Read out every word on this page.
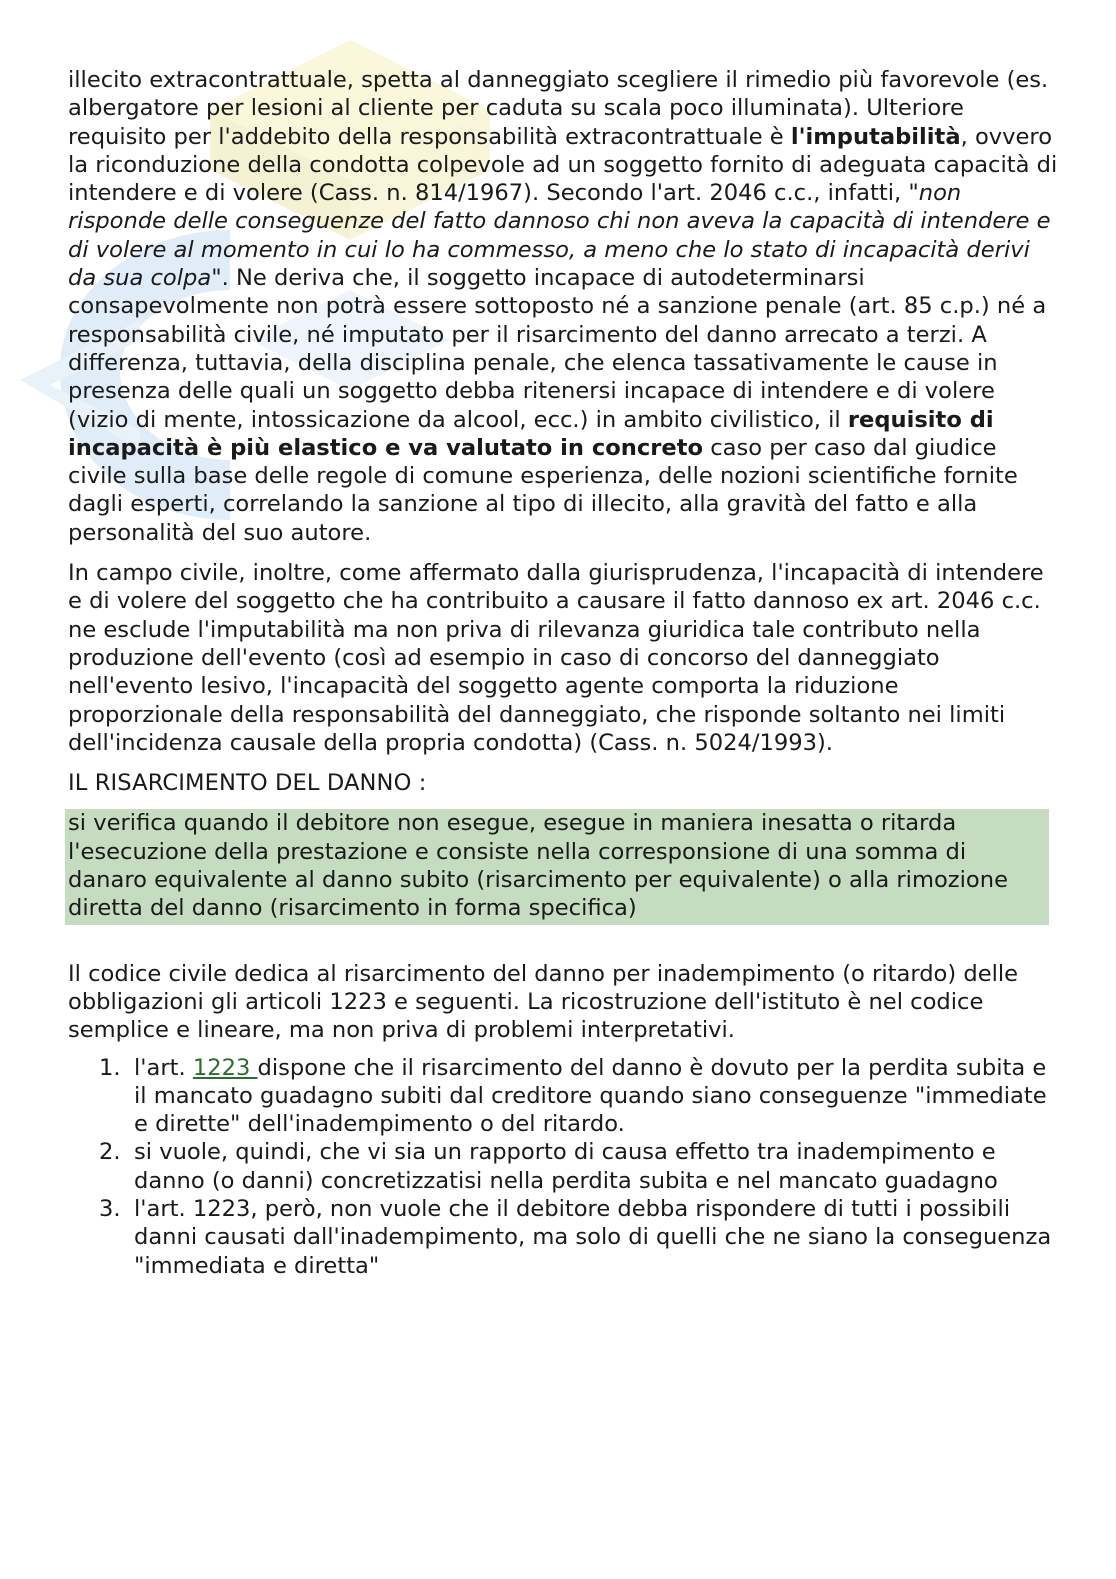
illecito extracontrattuale, spetta al danneggiato scegliere il rimedio più favorevole (es. albergatore per lesioni al cliente per caduta su scala poco illuminata). Ulteriore requisito per l'addebito della responsabilità extracontrattuale è l'imputabilità, ovvero la riconduzione della condotta colpevole ad un soggetto fornito di adeguata capacità di intendere e di volere (Cass. n. 814/1967). Secondo l'art. 2046 c.c., infatti, "non risponde delle conseguenze del fatto dannoso chi non aveva la capacità di intendere e di volere al momento in cui lo ha commesso, a meno che lo stato di incapacità derivi da sua colpa". Ne deriva che, il soggetto incapace di autodeterminarsi consapevolmente non potrà essere sottoposto né a sanzione penale (art. 85 c.p.) né a responsabilità civile, né imputato per il risarcimento del danno arrecato a terzi. A differenza, tuttavia, della disciplina penale, che elenca tassativamente le cause in presenza delle quali un soggetto debba ritenersi incapace di intendere e di volere (vizio di mente, intossicazione da alcool, ecc.) in ambito civilistico, il requisito di incapacità è più elastico e va valutato in concreto caso per caso dal giudice civile sulla base delle regole di comune esperienza, delle nozioni scientifiche fornite dagli esperti, correlando la sanzione al tipo di illecito, alla gravità del fatto e alla personalità del suo autore.

In campo civile, inoltre, come affermato dalla giurisprudenza, l'incapacità di intendere e di volere del soggetto che ha contribuito a causare il fatto dannoso ex art. 2046 c.c. ne esclude l'imputabilità ma non priva di rilevanza giuridica tale contributo nella produzione dell'evento (così ad esempio in caso di concorso del danneggiato nell'evento lesivo, l'incapacità del soggetto agente comporta la riduzione proporzionale della responsabilità del danneggiato, che risponde soltanto nei limiti dell'incidenza causale della propria condotta) (Cass. n. 5024/1993).

IL RISARCIMENTO DEL DANNO :

si verifica quando il debitore non esegue, esegue in maniera inesatta o ritarda l'esecuzione della prestazione e consiste nella corresponsione di una somma di danaro equivalente al danno subito (risarcimento per equivalente) o alla rimozione diretta del danno (risarcimento in forma specifica)

Il codice civile dedica al risarcimento del danno per inadempimento (o ritardo) delle obbligazioni gli articoli 1223 e seguenti. La ricostruzione dell'istituto è nel codice semplice e lineare, ma non priva di problemi interpretativi.

1. l'art. 1223 dispone che il risarcimento del danno è dovuto per la perdita subita e il mancato guadagno subiti dal creditore quando siano conseguenze "immediate e dirette" dell'inadempimento o del ritardo.
2. si vuole, quindi, che vi sia un rapporto di causa effetto tra inadempimento e danno (o danni) concretizzatisi nella perdita subita e nel mancato guadagno
3. l'art. 1223, però, non vuole che il debitore debba rispondere di tutti i possibili danni causati dall'inadempimento, ma solo di quelli che ne siano la conseguenza "immediata e diretta"
